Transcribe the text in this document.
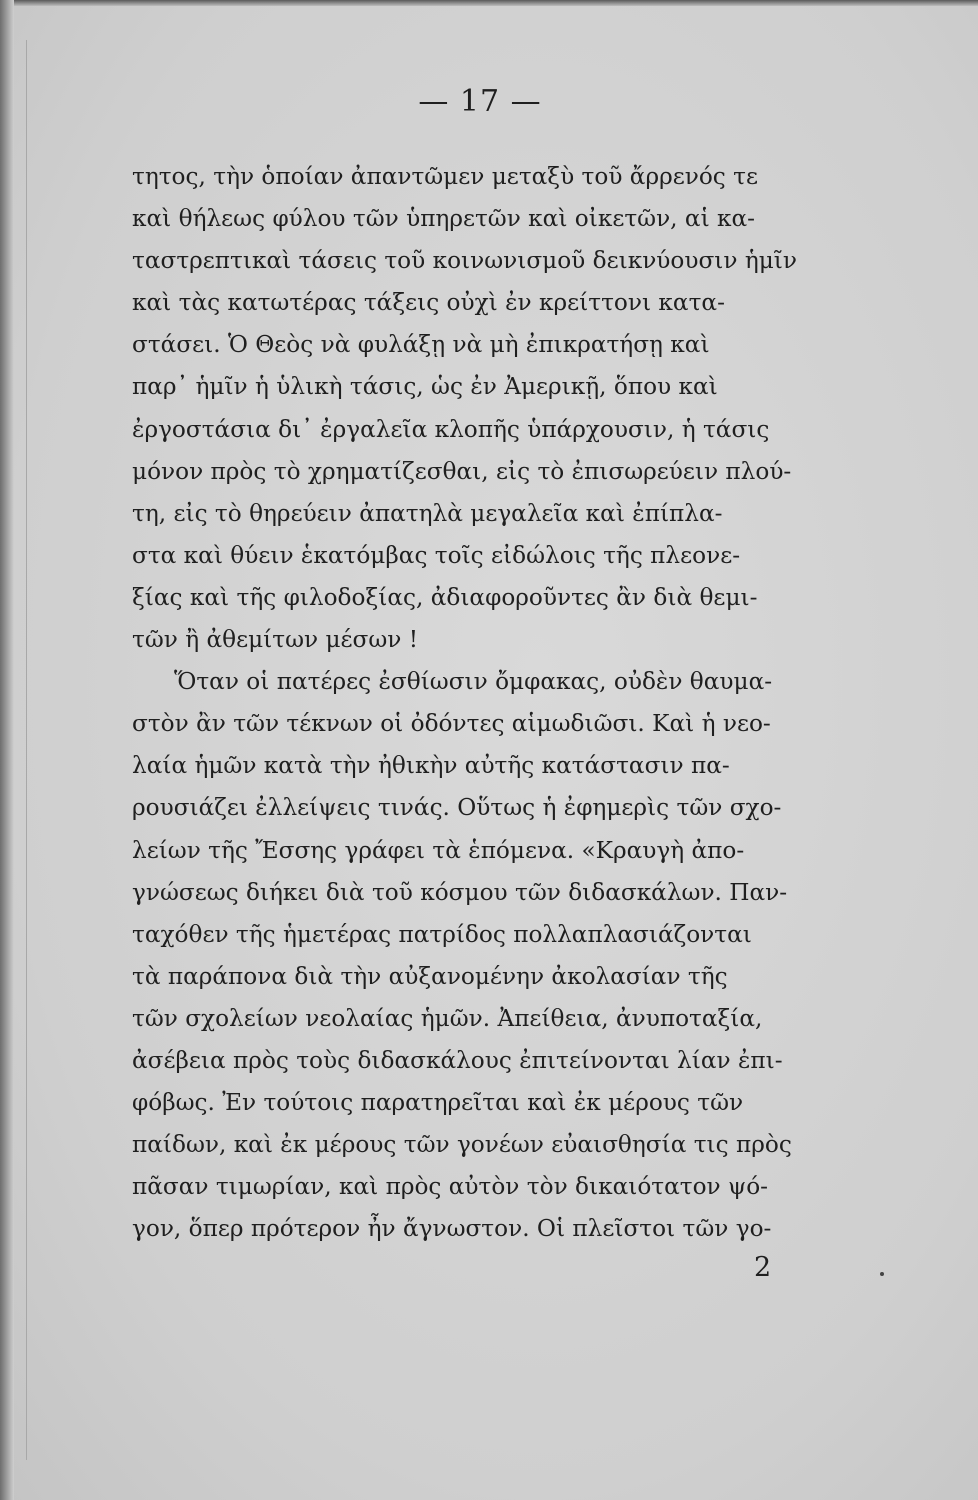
— 17 —
τητος, τὴν ὁποίαν ἀπαντῶμεν μεταξὺ τοῦ ἄρρενός τε
καὶ θήλεως φύλου τῶν ὑπηρετῶν καὶ οἰκετῶν, αἱ κα-
ταστρεπτικαὶ τάσεις τοῦ κοινωνισμοῦ δεικνύουσιν ἡμῖν
καὶ τὰς κατωτέρας τάξεις οὐχὶ ἐν κρείττονι κατα-
στάσει. Ὁ Θεὸς νὰ φυλάξῃ νὰ μὴ ἐπικρατήσῃ καὶ
παρ᾿ ἡμῖν ἡ ὑλικὴ τάσις, ὡς ἐν Ἀμερικῇ, ὅπου καὶ
ἐργοστάσια δι᾿ ἐργαλεῖα κλοπῆς ὑπάρχουσιν, ἡ τάσις
μόνον πρὸς τὸ χρηματίζεσθαι, εἰς τὸ ἐπισωρεύειν πλού-
τη, εἰς τὸ θηρεύειν ἀπατηλὰ μεγαλεῖα καὶ ἐπίπλα-
στα καὶ θύειν ἑκατόμβας τοῖς εἰδώλοις τῆς πλεονε-
ξίας καὶ τῆς φιλοδοξίας, ἀδιαφοροῦντες ἂν διὰ θεμι-
τῶν ἢ ἀθεμίτων μέσων !
Ὅταν οἱ πατέρες ἐσθίωσιν ὄμφακας, οὐδὲν θαυμα-
στὸν ἂν τῶν τέκνων οἱ ὀδόντες αἱμωδιῶσι. Καὶ ἡ νεο-
λαία ἡμῶν κατὰ τὴν ἠθικὴν αὐτῆς κατάστασιν πα-
ρουσιάζει ἐλλείψεις τινάς. Οὕτως ἡ ἐφημερὶς τῶν σχο-
λείων τῆς Ἔσσης γράφει τὰ ἑπόμενα. «Κραυγὴ ἀπο-
γνώσεως διήκει διὰ τοῦ κόσμου τῶν διδασκάλων. Παν-
ταχόθεν τῆς ἡμετέρας πατρίδος πολλαπλασιάζονται
τὰ παράπονα διὰ τὴν αὐξανομένην ἀκολασίαν τῆς
τῶν σχολείων νεολαίας ἡμῶν. Ἀπείθεια, ἀνυποταξία,
ἀσέβεια πρὸς τοὺς διδασκάλους ἐπιτείνονται λίαν ἐπι-
φόβως. Ἐν τούτοις παρατηρεῖται καὶ ἐκ μέρους τῶν
παίδων, καὶ ἐκ μέρους τῶν γονέων εὐαισθησία τις πρὸς
πᾶσαν τιμωρίαν, καὶ πρὸς αὐτὸν τὸν δικαιότατον ψό-
γον, ὅπερ πρότερον ἦν ἄγνωστον. Οἱ πλεῖστοι τῶν γο-
2
